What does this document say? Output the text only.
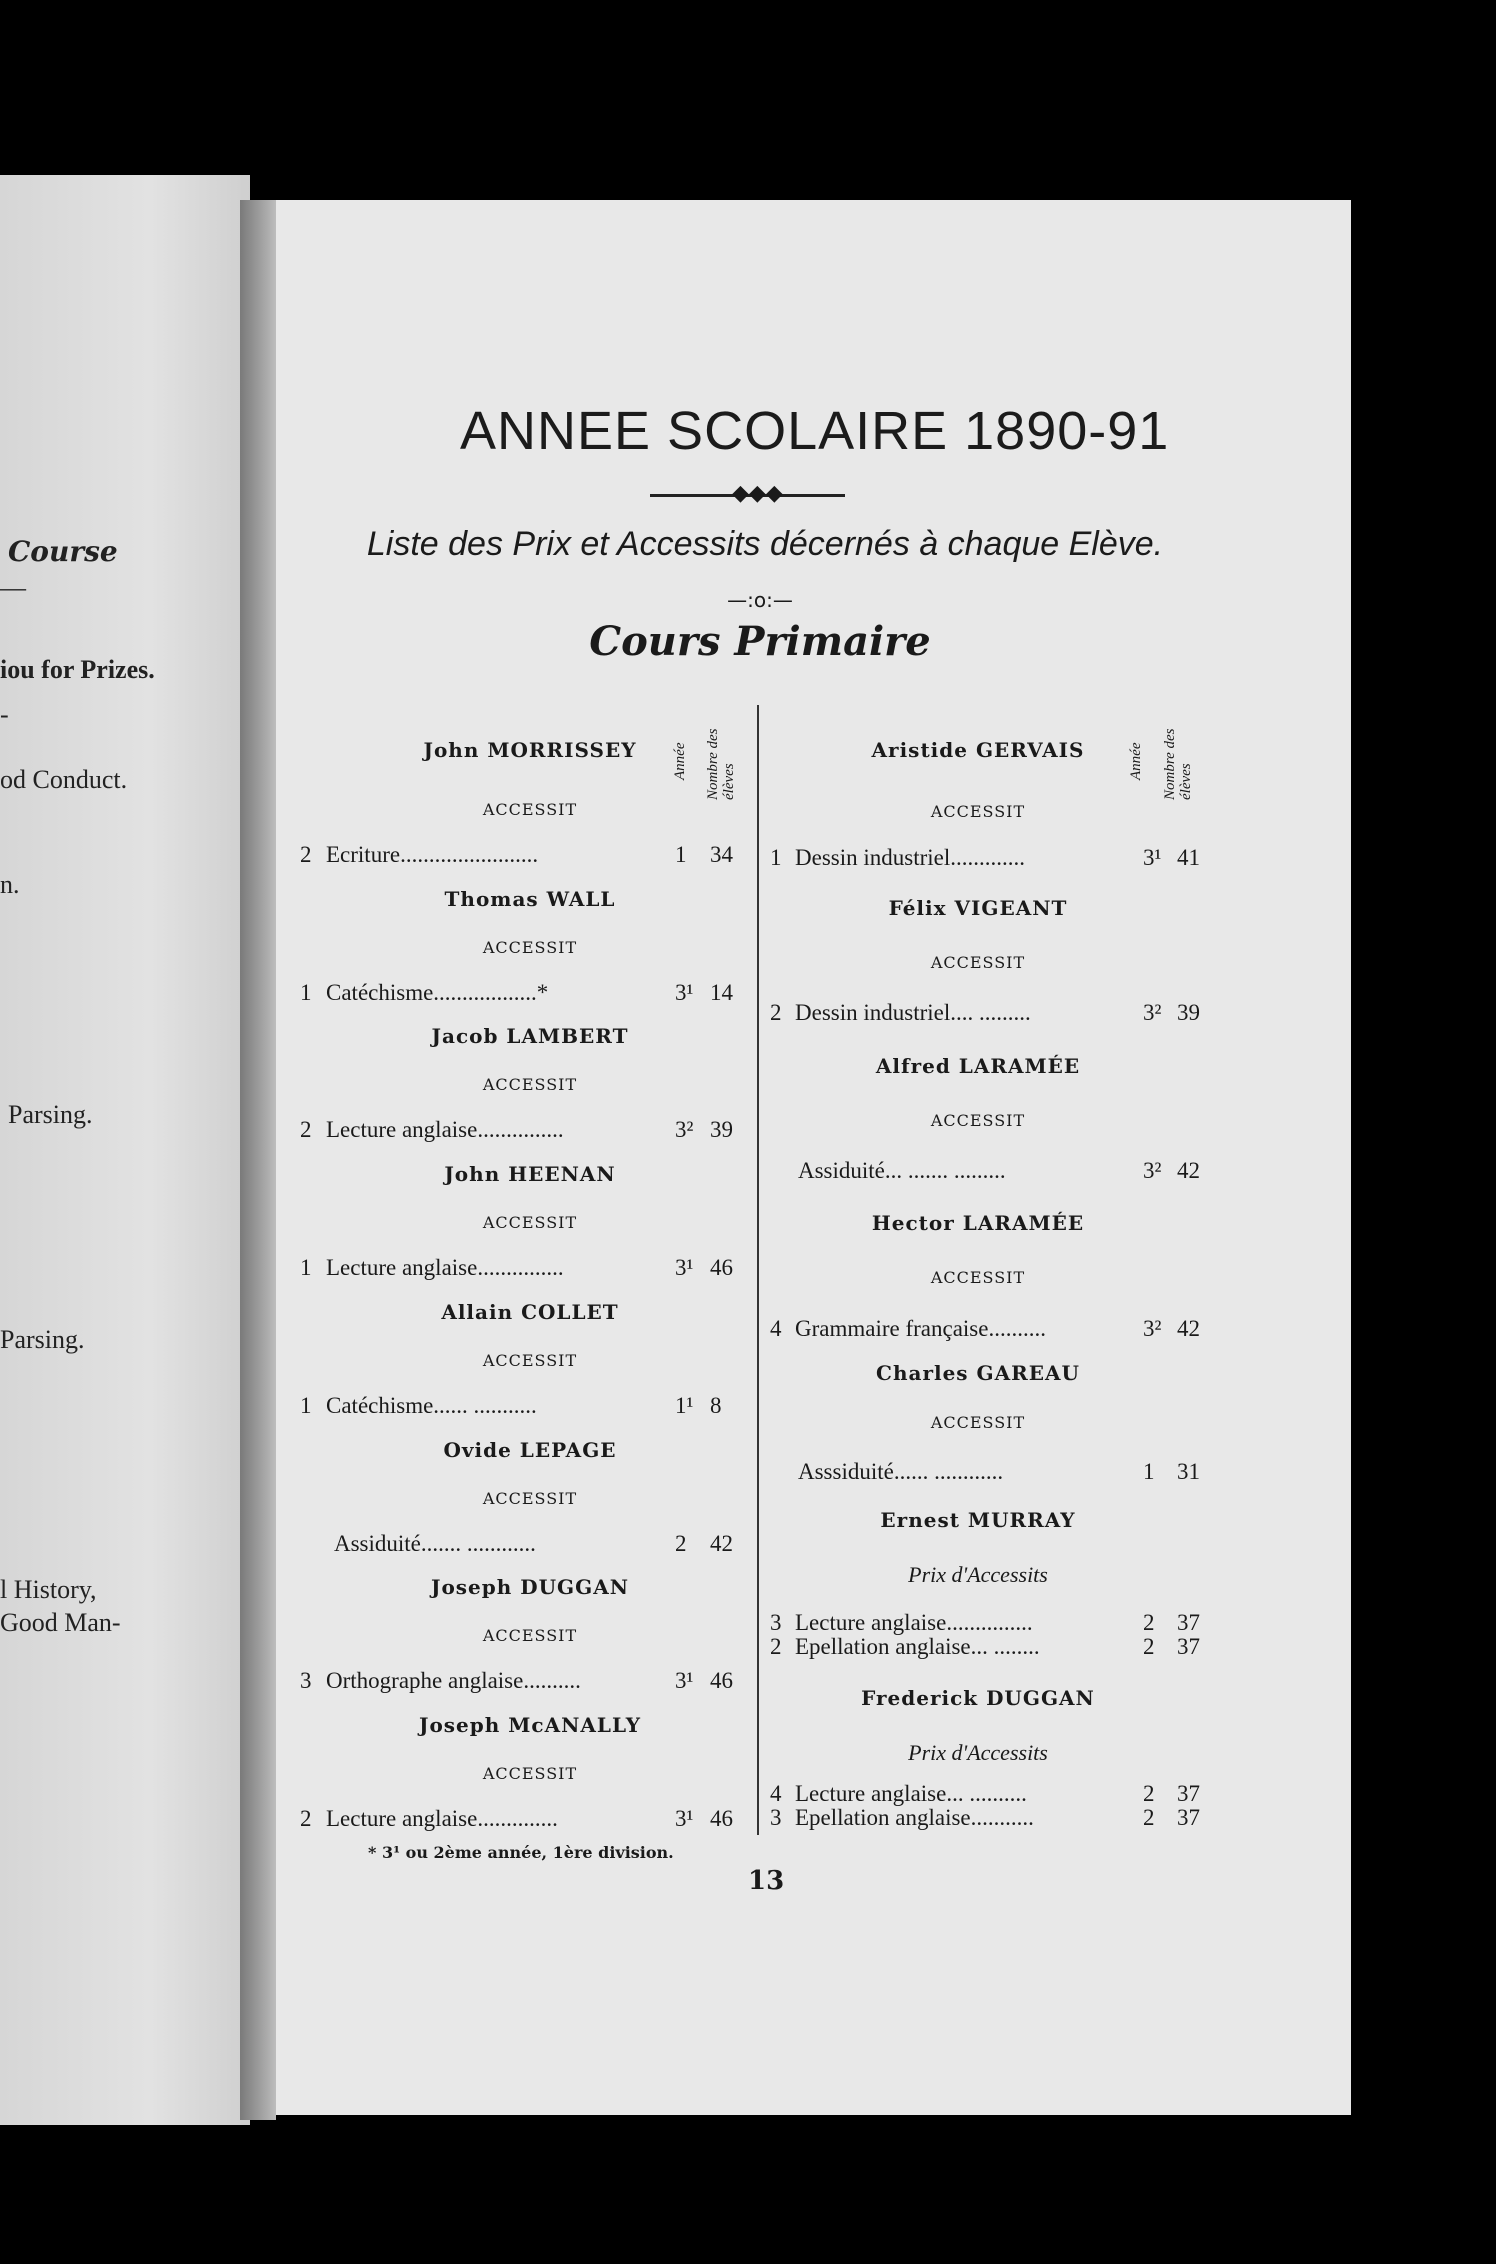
Course
—
iou for Prizes.
-
od Conduct.
n.
Parsing.
Parsing.
l History,
Good Man-
ANNEE SCOLAIRE 1890-91
◆◆◆
Liste des Prix et Accessits décernés à chaque Elève.
—:o:—
Cours Primaire
Année Nombre des élèves
Année Nombre des élèves
John MORRISSEY
ACCESSIT
2 Ecriture........................	1 34
Thomas WALL
ACCESSIT
1 Catéchisme..................*	3¹ 14
Jacob LAMBERT
ACCESSIT
2 Lecture anglaise...............	3² 39
John HEENAN
ACCESSIT
1 Lecture anglaise...............	3¹ 46
Allain COLLET
ACCESSIT
1 Catéchisme...... ...........	1¹ 8
Ovide LEPAGE
ACCESSIT
Assiduité....... ............	2 42
Joseph DUGGAN
ACCESSIT
3 Orthographe anglaise..........	3¹ 46
Joseph McANALLY
ACCESSIT
2 Lecture anglaise..............	3¹ 46
Aristide GERVAIS
ACCESSIT
1 Dessin industriel.............	3¹ 41
Félix VIGEANT
ACCESSIT
2 Dessin industriel.... .........	3² 39
Alfred LARAMÉE
ACCESSIT
Assiduité... ....... .........	3² 42
Hector LARAMÉE
ACCESSIT
4 Grammaire française..........	3² 42
Charles GAREAU
ACCESSIT
Asssiduité...... ............	1 31
Ernest MURRAY
Prix d'Accessits
3 Lecture anglaise...............	2 37
2 Epellation anglaise... ........	2 37
Frederick DUGGAN
Prix d'Accessits
4 Lecture anglaise... ..........	2 37
3 Epellation anglaise...........	2 37
* 3¹ ou 2ème année, 1ère division.
13
